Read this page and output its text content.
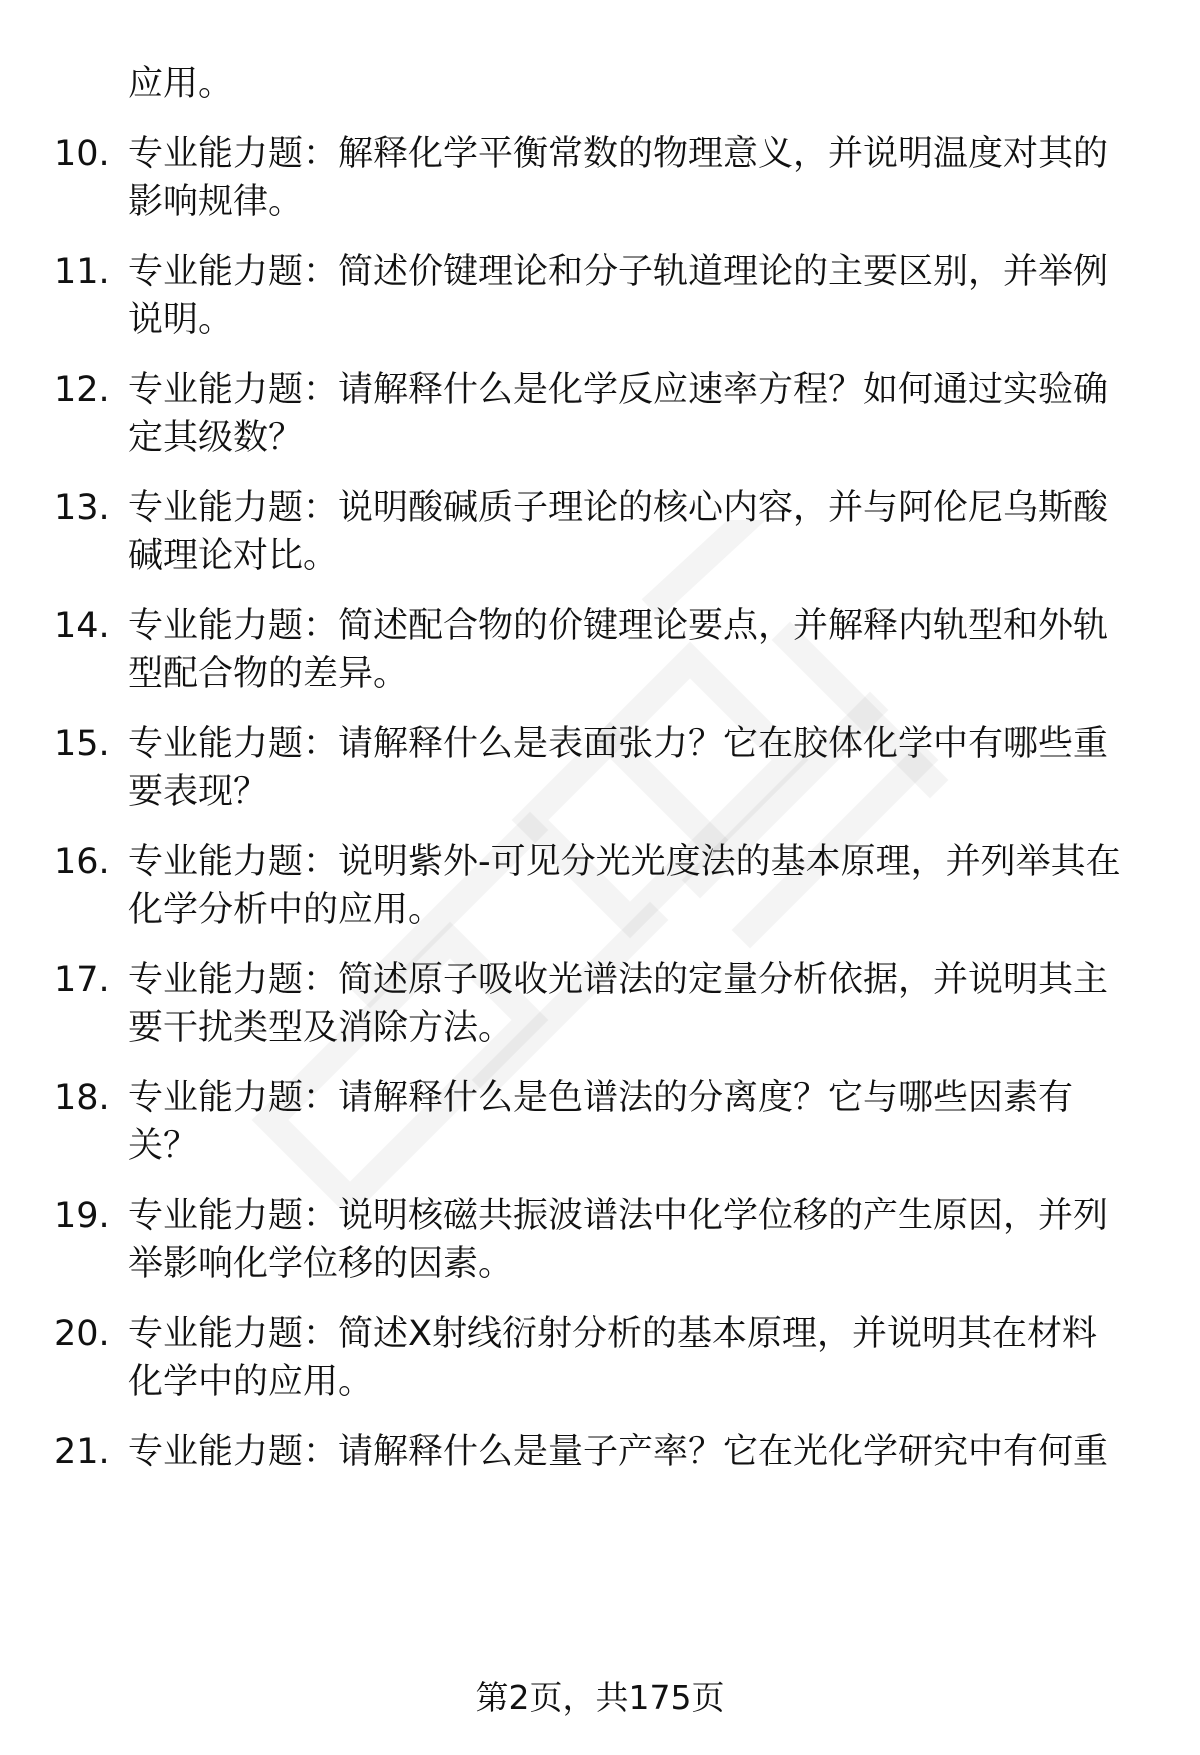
应用。
10. 专业能力题：解释化学平衡常数的物理意义，并说明温度对其的
影响规律。
11. 专业能力题：简述价键理论和分子轨道理论的主要区别，并举例
说明。
12. 专业能力题：请解释什么是化学反应速率方程？如何通过实验确
定其级数？
13. 专业能力题：说明酸碱质子理论的核心内容，并与阿伦尼乌斯酸
碱理论对比。
14. 专业能力题：简述配合物的价键理论要点，并解释内轨型和外轨
型配合物的差异。
15. 专业能力题：请解释什么是表面张力？它在胶体化学中有哪些重
要表现？
16. 专业能力题：说明紫外-可见分光光度法的基本原理，并列举其在
化学分析中的应用。
17. 专业能力题：简述原子吸收光谱法的定量分析依据，并说明其主
要干扰类型及消除方法。
18. 专业能力题：请解释什么是色谱法的分离度？它与哪些因素有
关？
19. 专业能力题：说明核磁共振波谱法中化学位移的产生原因，并列
举影响化学位移的因素。
20. 专业能力题：简述X射线衍射分析的基本原理，并说明其在材料
化学中的应用。
21. 专业能力题：请解释什么是量子产率？它在光化学研究中有何重
第2页，共175页
